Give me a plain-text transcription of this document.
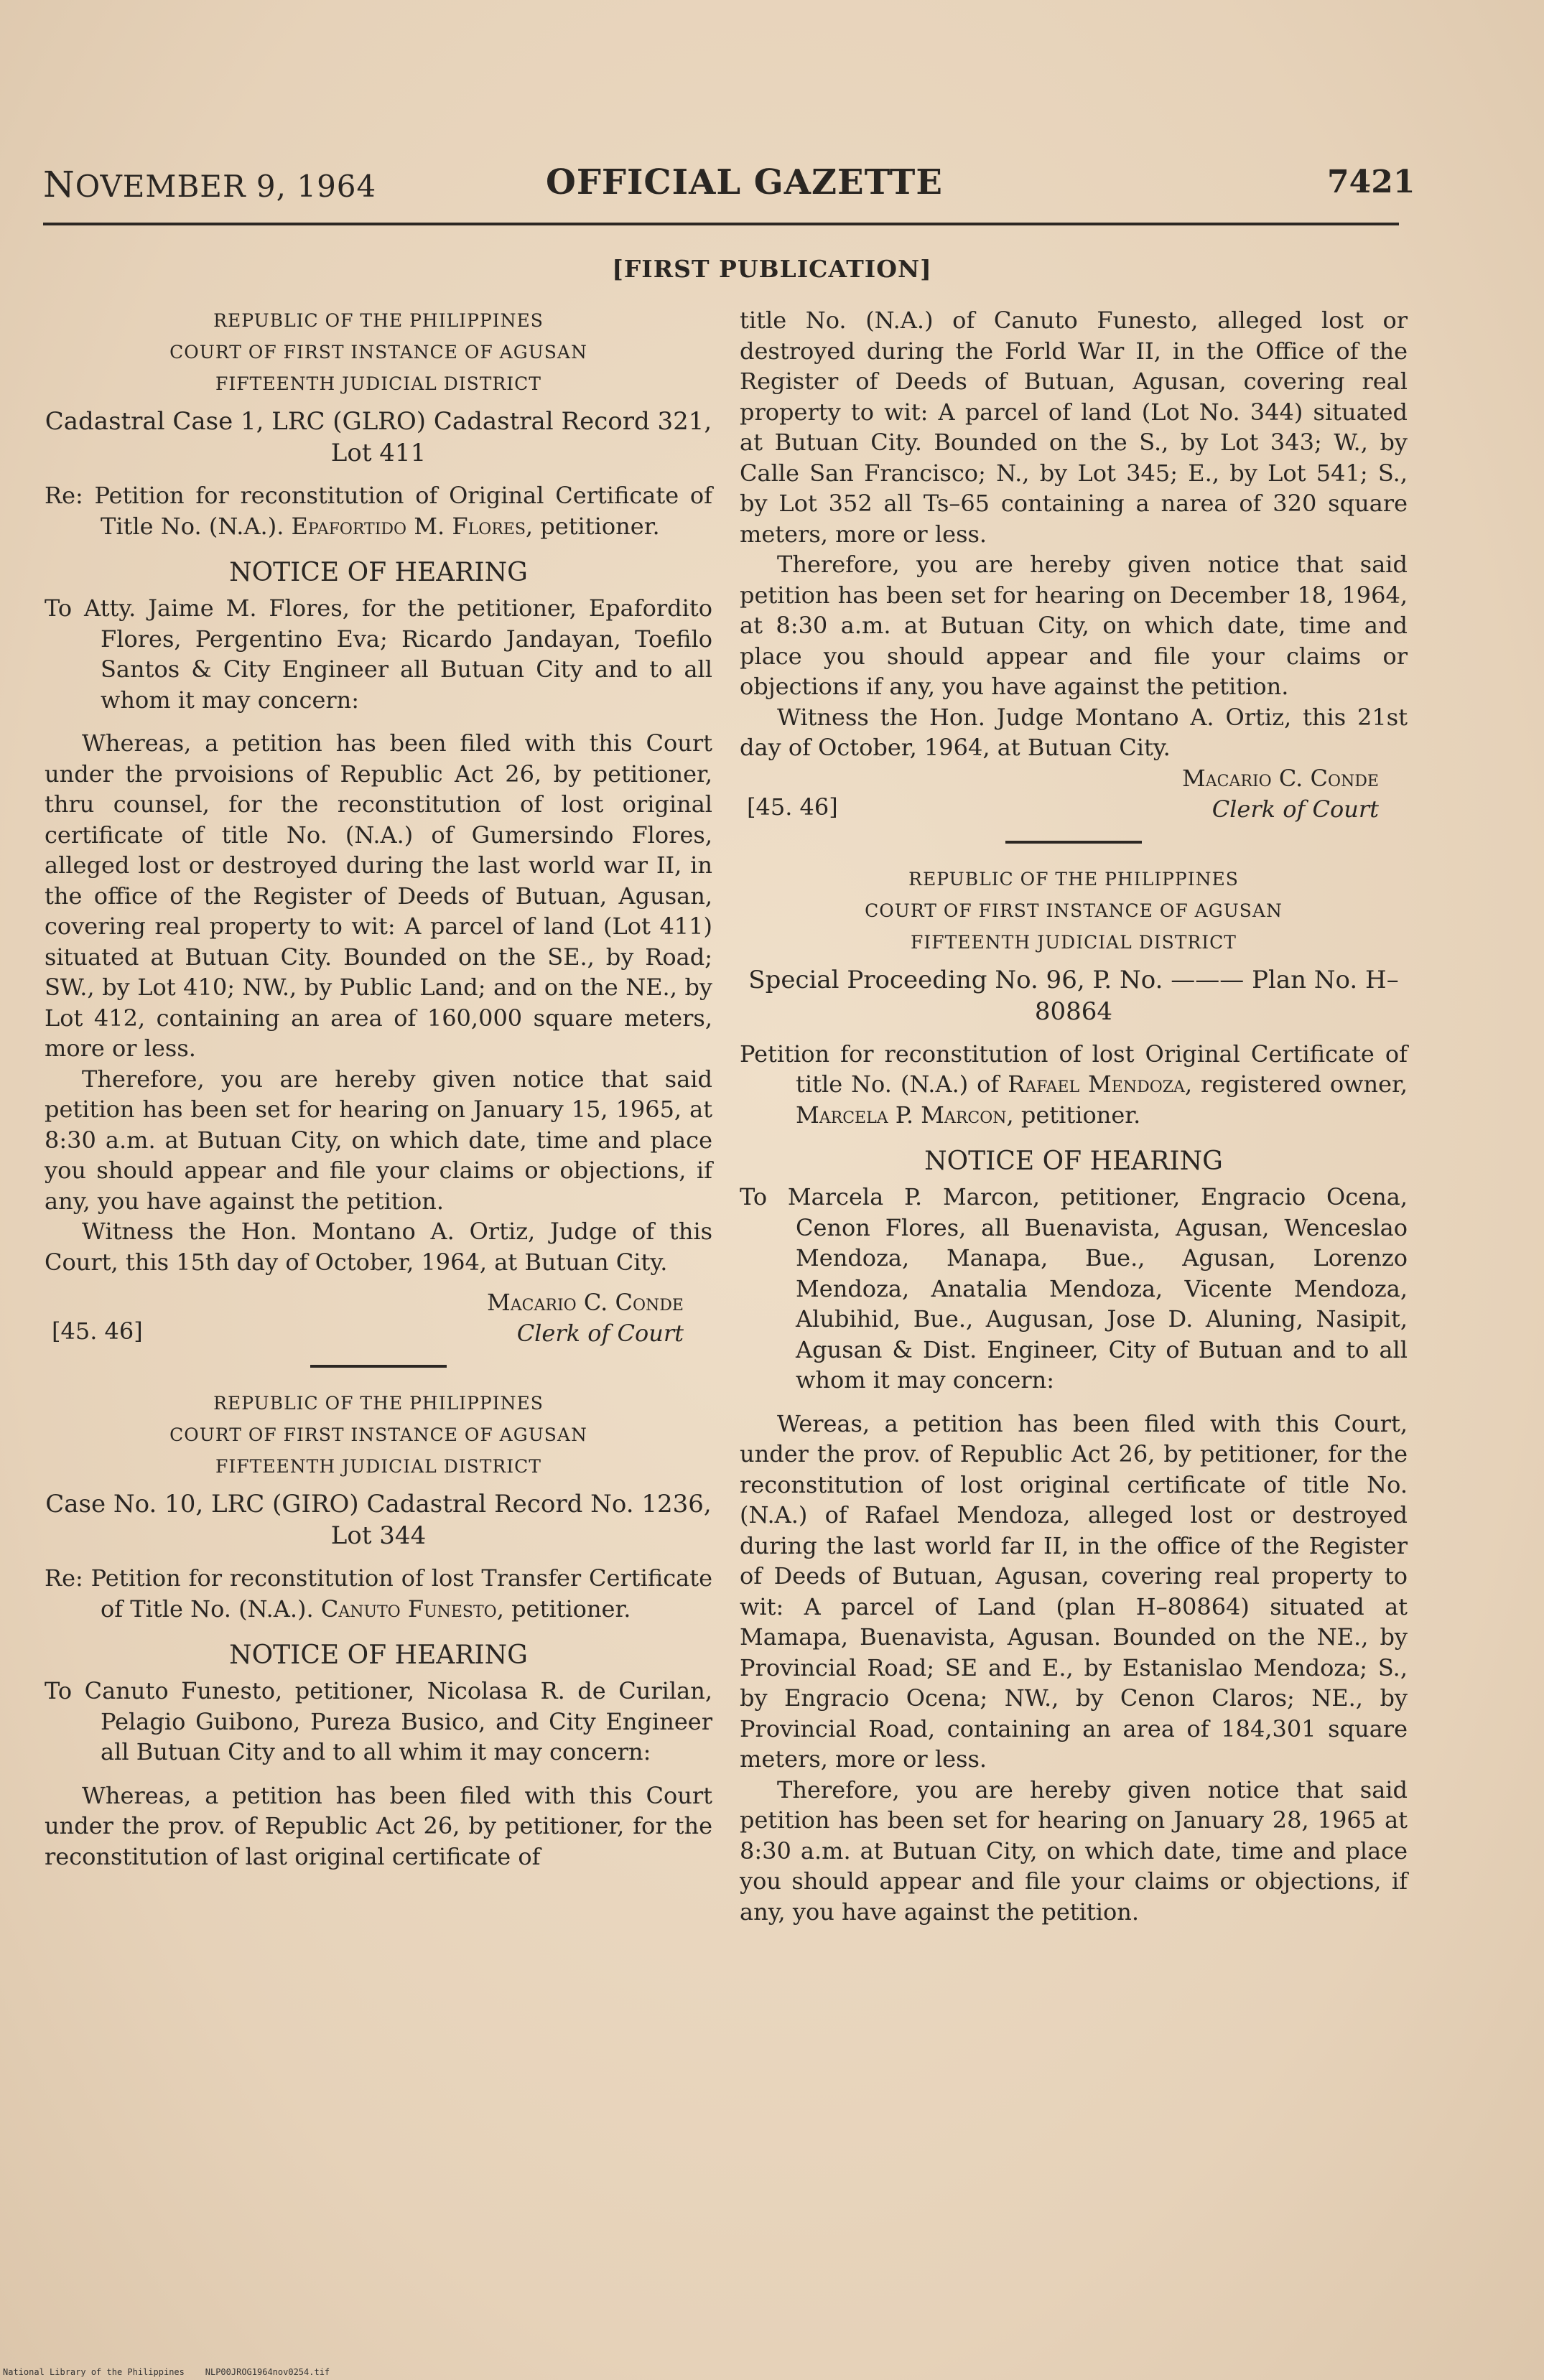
NOVEMBER 9, 1964	OFFICIAL GAZETTE	7421
[FIRST PUBLICATION]
REPUBLIC OF THE PHILIPPINES
COURT OF FIRST INSTANCE OF AGUSAN
FIFTEENTH JUDICIAL DISTRICT
Cadastral Case 1, LRC (GLRO) Cadastral Record 321, Lot 411
Re: Petition for reconstitution of Original Certificate of Title No. (N.A.). Epafortido M. Flores, petitioner.
NOTICE OF HEARING
To Atty. Jaime M. Flores, for the petitioner, Epafordito Flores, Pergentino Eva; Ricardo Jandayan, Toefilo Santos & City Engineer all Butuan City and to all whom it may concern:

Whereas, a petition has been filed with this Court under the prvoisions of Republic Act 26, by petitioner, thru counsel, for the reconstitution of lost original certificate of title No. (N.A.) of Gumersindo Flores, alleged lost or destroyed during the last world war II, in the office of the Register of Deeds of Butuan, Agusan, covering real property to wit: A parcel of land (Lot 411) situated at Butuan City. Bounded on the SE., by Road; SW., by Lot 410; NW., by Public Land; and on the NE., by Lot 412, containing an area of 160,000 square meters, more or less.

Therefore, you are hereby given notice that said petition has been set for hearing on January 15, 1965, at 8:30 a.m. at Butuan City, on which date, time and place you should appear and file your claims or objections, if any, you have against the petition.

Witness the Hon. Montano A. Ortiz, Judge of this Court, this 15th day of October, 1964, at Butuan City.

Macario C. Conde
Clerk of Court
[45. 46]
REPUBLIC OF THE PHILIPPINES
COURT OF FIRST INSTANCE OF AGUSAN
FIFTEENTH JUDICIAL DISTRICT
Case No. 10, LRC (GIRO) Cadastral Record No. 1236, Lot 344
Re: Petition for reconstitution of lost Transfer Certificate of Title No. (N.A.). Canuto Funesto, petitioner.
NOTICE OF HEARING
To Canuto Funesto, petitioner, Nicolasa R. de Curilan, Pelagio Guibono, Pureza Busico, and City Engineer all Butuan City and to all whim it may concern:

Whereas, a petition has been filed with this Court under the prov. of Republic Act 26, by petitioner, for the reconstitution of last original certificate of

title No. (N.A.) of Canuto Funesto, alleged lost or destroyed during the Forld War II, in the Office of the Register of Deeds of Butuan, Agusan, covering real property to wit: A parcel of land (Lot No. 344) situated at Butuan City. Bounded on the S., by Lot 343; W., by Calle San Francisco; N., by Lot 345; E., by Lot 541; S., by Lot 352 all Ts–65 containing a narea of 320 square meters, more or less.

Therefore, you are hereby given notice that said petition has been set for hearing on December 18, 1964, at 8:30 a.m. at Butuan City, on which date, time and place you should appear and file your claims or objections if any, you have against the petition.

Witness the Hon. Judge Montano A. Ortiz, this 21st day of October, 1964, at Butuan City.

Macario C. Conde
Clerk of Court
[45. 46]
REPUBLIC OF THE PHILIPPINES
COURT OF FIRST INSTANCE OF AGUSAN
FIFTEENTH JUDICIAL DISTRICT
Special Proceeding No. 96, P. No. ——— Plan No. H–80864
Petition for reconstitution of lost Original Certificate of title No. (N.A.) of Rafael Mendoza, registered owner, Marcela P. Marcon, petitioner.
NOTICE OF HEARING
To Marcela P. Marcon, petitioner, Engracio Ocena, Cenon Flores, all Buenavista, Agusan, Wenceslao Mendoza, Manapa, Bue., Agusan, Lorenzo Mendoza, Anatalia Mendoza, Vicente Mendoza, Alubihid, Bue., Augusan, Jose D. Aluning, Nasipit, Agusan & Dist. Engineer, City of Butuan and to all whom it may concern:

Wereas, a petition has been filed with this Court, under the prov. of Republic Act 26, by petitioner, for the reconstitution of lost original certificate of title No. (N.A.) of Rafael Mendoza, alleged lost or destroyed during the last world far II, in the office of the Register of Deeds of Butuan, Agusan, covering real property to wit: A parcel of Land (plan H–80864) situated at Mamapa, Buenavista, Agusan. Bounded on the NE., by Provincial Road; SE and E., by Estanislao Mendoza; S., by Engracio Ocena; NW., by Cenon Claros; NE., by Provincial Road, containing an area of 184,301 square meters, more or less.

Therefore, you are hereby given notice that said petition has been set for hearing on January 28, 1965 at 8:30 a.m. at Butuan City, on which date, time and place you should appear and file your claims or objections, if any, you have against the petition.

National Library of the Philippines    NLP00JROG1964nov0254.tif
